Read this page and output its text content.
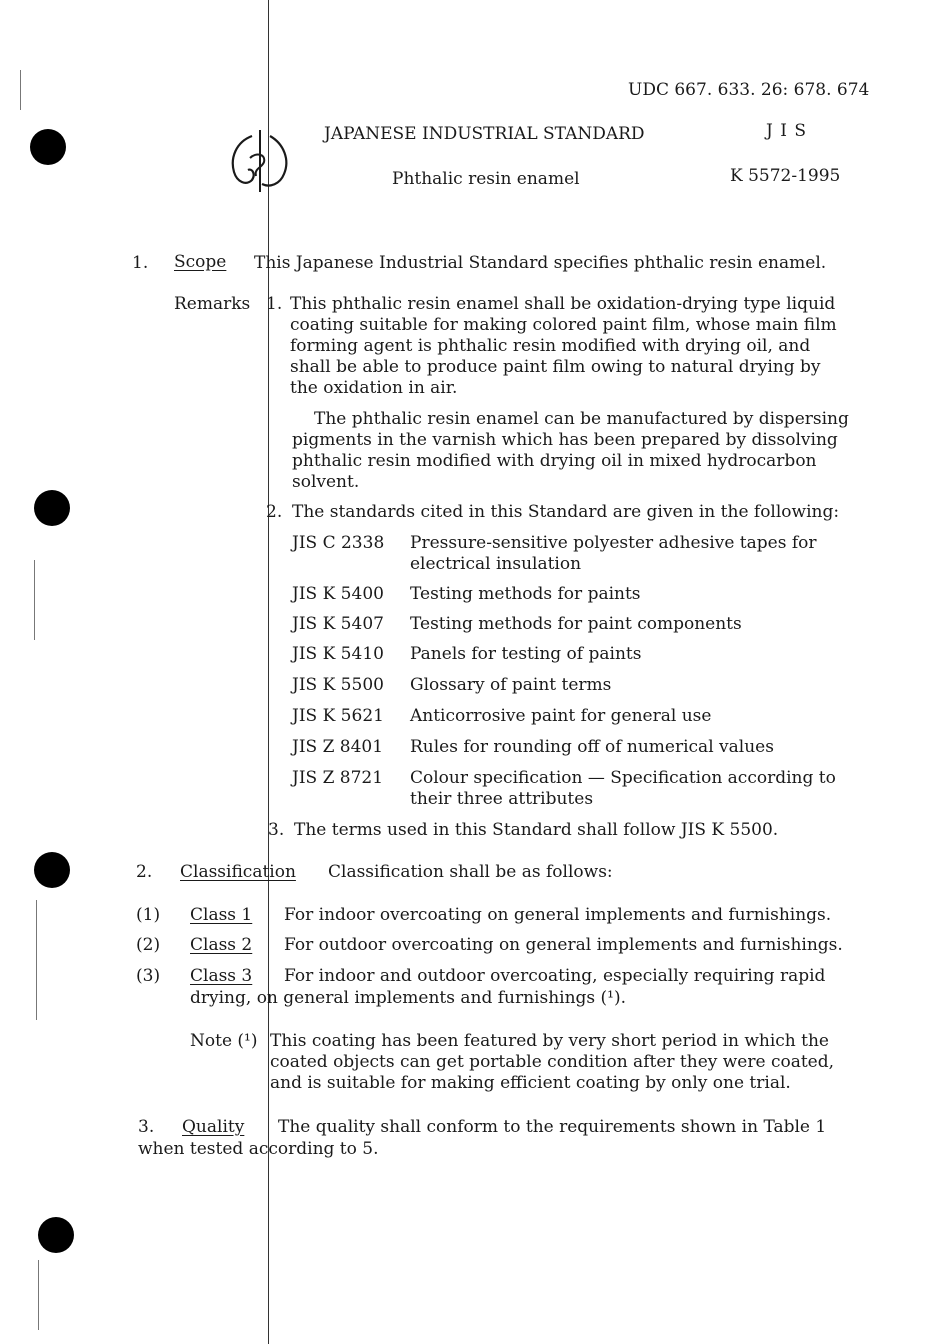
UDC 667. 633. 26: 678. 674
JAPANESE INDUSTRIAL STANDARD	J I S
Phthalic resin enamel	K 5572-1995
1. Scope This Japanese Industrial Standard specifies phthalic resin enamel.
Remarks 1. This phthalic resin enamel shall be oxidation-drying type liquid coating suitable for making colored paint film, whose main film forming agent is phthalic resin modified with drying oil, and shall be able to produce paint film owing to natural drying by the oxidation in air.
The phthalic resin enamel can be manufactured by dispersing pigments in the varnish which has been prepared by dissolving phthalic resin modified with drying oil in mixed hydrocarbon solvent.
2. The standards cited in this Standard are given in the following:
JIS C 2338 Pressure-sensitive polyester adhesive tapes for electrical insulation
JIS K 5400 Testing methods for paints
JIS K 5407 Testing methods for paint components
JIS K 5410 Panels for testing of paints
JIS K 5500 Glossary of paint terms
JIS K 5621 Anticorrosive paint for general use
JIS Z 8401 Rules for rounding off of numerical values
JIS Z 8721 Colour specification — Specification according to their three attributes
3. The terms used in this Standard shall follow JIS K 5500.
2. Classification Classification shall be as follows:
(1) Class 1 For indoor overcoating on general implements and furnishings.
(2) Class 2 For outdoor overcoating on general implements and furnishings.
(3) Class 3 For indoor and outdoor overcoating, especially requiring rapid
drying, on general implements and furnishings (¹).
Note (¹) This coating has been featured by very short period in which the coated objects can get portable condition after they were coated, and is suitable for making efficient coating by only one trial.
3. Quality The quality shall conform to the requirements shown in Table 1
when tested according to 5.
